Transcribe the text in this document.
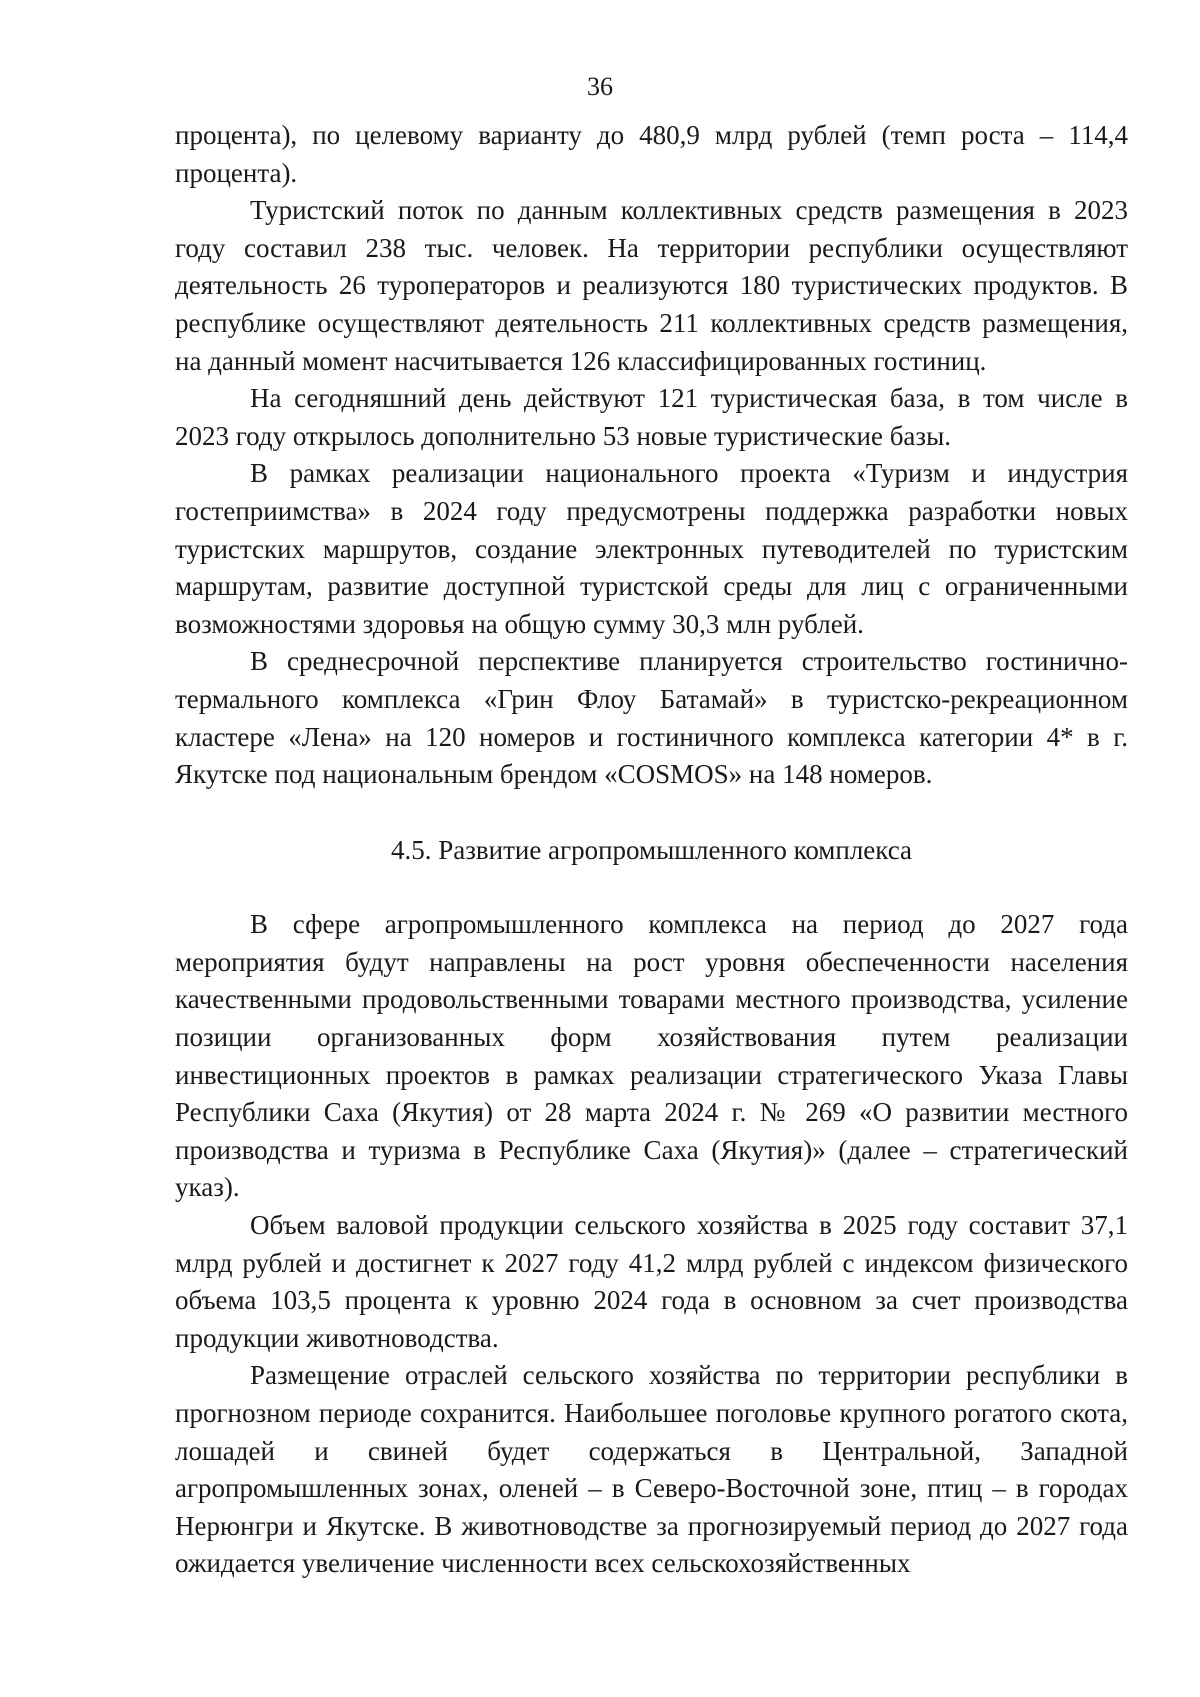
36

процента), по целевому варианту до 480,9 млрд рублей (темп роста – 114,4 процента).

Туристский поток по данным коллективных средств размещения в 2023 году составил 238 тыс. человек. На территории республики осуществляют деятельность 26 туроператоров и реализуются 180 туристических продуктов. В республике осуществляют деятельность 211 коллективных средств размещения, на данный момент насчитывается 126 классифицированных гостиниц.

На сегодняшний день действуют 121 туристическая база, в том числе в 2023 году открылось дополнительно 53 новые туристические базы.

В рамках реализации национального проекта «Туризм и индустрия гостеприимства» в 2024 году предусмотрены поддержка разработки новых туристских маршрутов, создание электронных путеводителей по туристским маршрутам, развитие доступной туристской среды для лиц с ограниченными возможностями здоровья на общую сумму 30,3 млн рублей.

В среднесрочной перспективе планируется строительство гостинично-термального комплекса «Грин Флоу Батамай» в туристско-рекреационном кластере «Лена» на 120 номеров и гостиничного комплекса категории 4* в г. Якутске под национальным брендом «COSMOS» на 148 номеров.

4.5. Развитие агропромышленного комплекса

В сфере агропромышленного комплекса на период до 2027 года мероприятия будут направлены на рост уровня обеспеченности населения качественными продовольственными товарами местного производства, усиление позиции организованных форм хозяйствования путем реализации инвестиционных проектов в рамках реализации стратегического Указа Главы Республики Саха (Якутия) от 28 марта 2024 г. № 269 «О развитии местного производства и туризма в Республике Саха (Якутия)» (далее – стратегический указ).

Объем валовой продукции сельского хозяйства в 2025 году составит 37,1 млрд рублей и достигнет к 2027 году 41,2 млрд рублей с индексом физического объема 103,5 процента к уровню 2024 года в основном за счет производства продукции животноводства.

Размещение отраслей сельского хозяйства по территории республики в прогнозном периоде сохранится. Наибольшее поголовье крупного рогатого скота, лошадей и свиней будет содержаться в Центральной, Западной агропромышленных зонах, оленей – в Северо-Восточной зоне, птиц – в городах Нерюнгри и Якутске. В животноводстве за прогнозируемый период до 2027 года ожидается увеличение численности всех сельскохозяйственных
